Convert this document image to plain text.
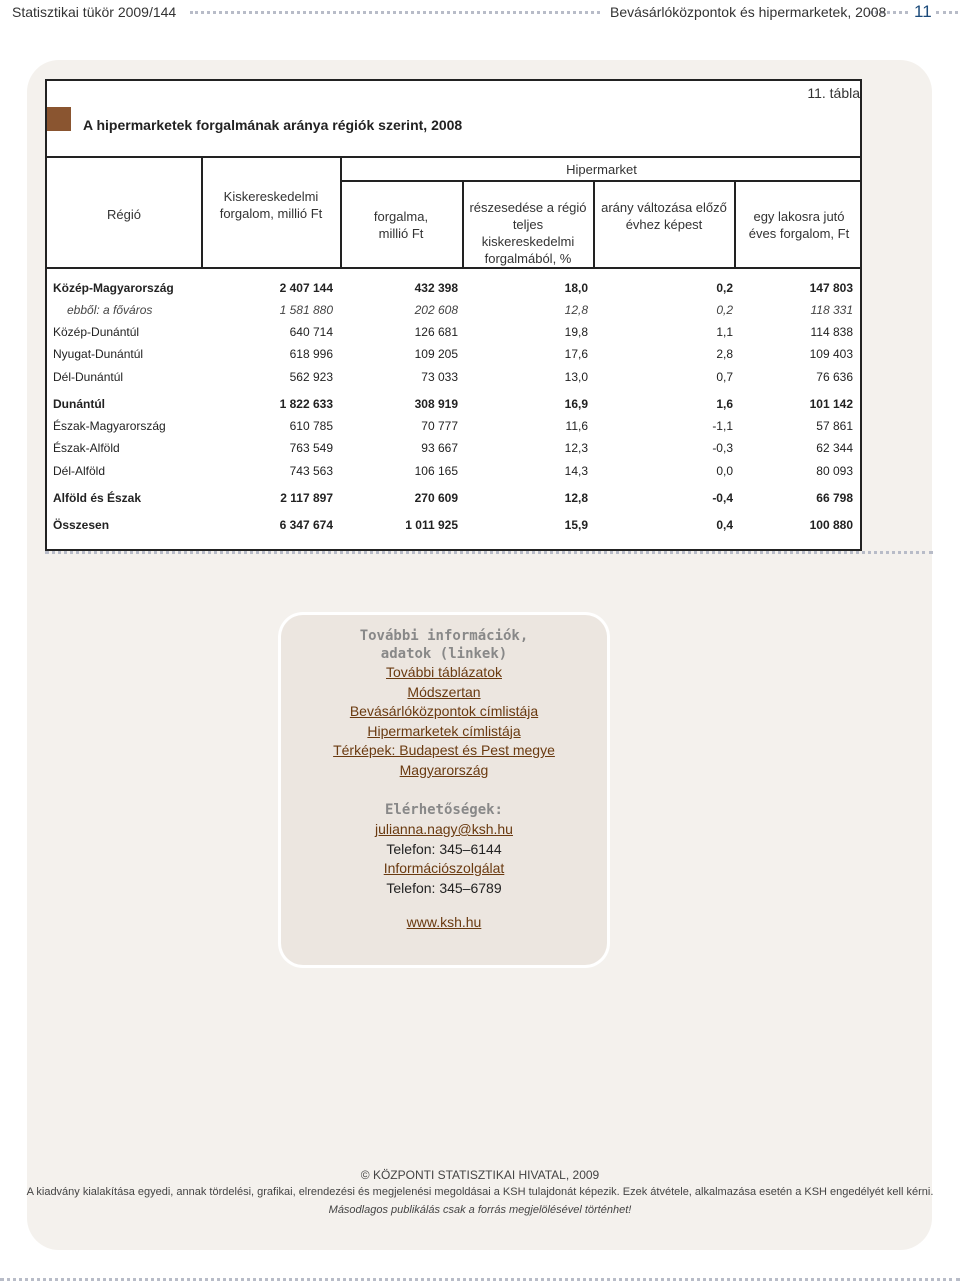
Statisztikai tükör 2009/144	Bevásárlóközpontok és hipermarketek, 2008 11
11. tábla
A hipermarketek forgalmának aránya régiók szerint, 2008
Hipermarket
Régió
Kiskereskedelmi forgalom, millió Ft	forgalma, millió Ft
részesedése a régió teljes kiskereskedelmi forgalmából, %
arány változása előző évhez képest
egy lakosra jutó éves forgalom, Ft
Közép-Magyarország	2 407 144	432 398	18,0	0,2	147 803
ebből: a főváros	1 581 880	202 608	12,8	0,2	118 331
Közép-Dunántúl	640 714	126 681	19,8	1,1	114 838
Nyugat-Dunántúl	618 996	109 205	17,6	2,8	109 403
Dél-Dunántúl	562 923	73 033	13,0	0,7	76 636
Dunántúl	1 822 633	308 919	16,9	1,6	101 142
Észak-Magyarország	610 785	70 777	11,6	-1,1	57 861
Észak-Alföld	763 549	93 667	12,3	-0,3	62 344
Dél-Alföld	743 563	106 165	14,3	0,0	80 093
Alföld és Észak	2 117 897	270 609	12,8	-0,4	66 798
Összesen	6 347 674	1 011 925	15,9	0,4	100 880
További információk,
adatok (linkek)
További táblázatok
Módszertan
Bevásárlóközpontok címlistája
Hipermarketek címlistája
Térképek: Budapest és Pest megye
Magyarország
Elérhetőségek:
julianna.nagy@ksh.hu
Telefon: 345–6144
Információszolgálat
Telefon: 345–6789
www.ksh.hu
© KÖZPONTI STATISZTIKAI HIVATAL, 2009
A kiadvány kialakítása egyedi, annak tördelési, grafikai, elrendezési és megjelenési megoldásai a KSH tulajdonát képezik. Ezek átvétele, alkalmazása esetén a KSH engedélyét kell kérni.
Másodlagos publikálás csak a forrás megjelölésével történhet!
